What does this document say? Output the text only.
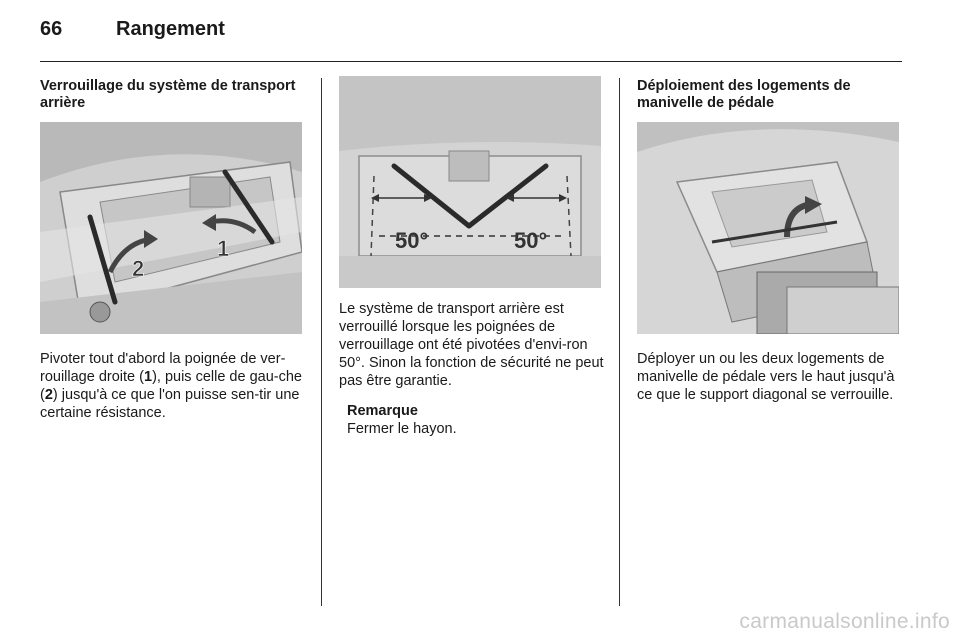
66	Rangement
Verrouillage du système de transport arrière
2
1

Pivoter tout d'abord la poignée de ver-rouillage droite (1), puis celle de gau-che (2) jusqu'à ce que l'on puisse sen-tir une certaine résistance.

50°	50°

Le système de transport arrière est verrouillé lorsque les poignées de verrouillage ont été pivotées d'envi-ron 50°. Sinon la fonction de sécurité ne peut pas être garantie.

Remarque
Fermer le hayon.
Déploiement des logements de manivelle de pédale

Déployer un ou les deux logements de manivelle de pédale vers le haut jusqu'à ce que le support diagonal se verrouille.

carmanualsonline.info
